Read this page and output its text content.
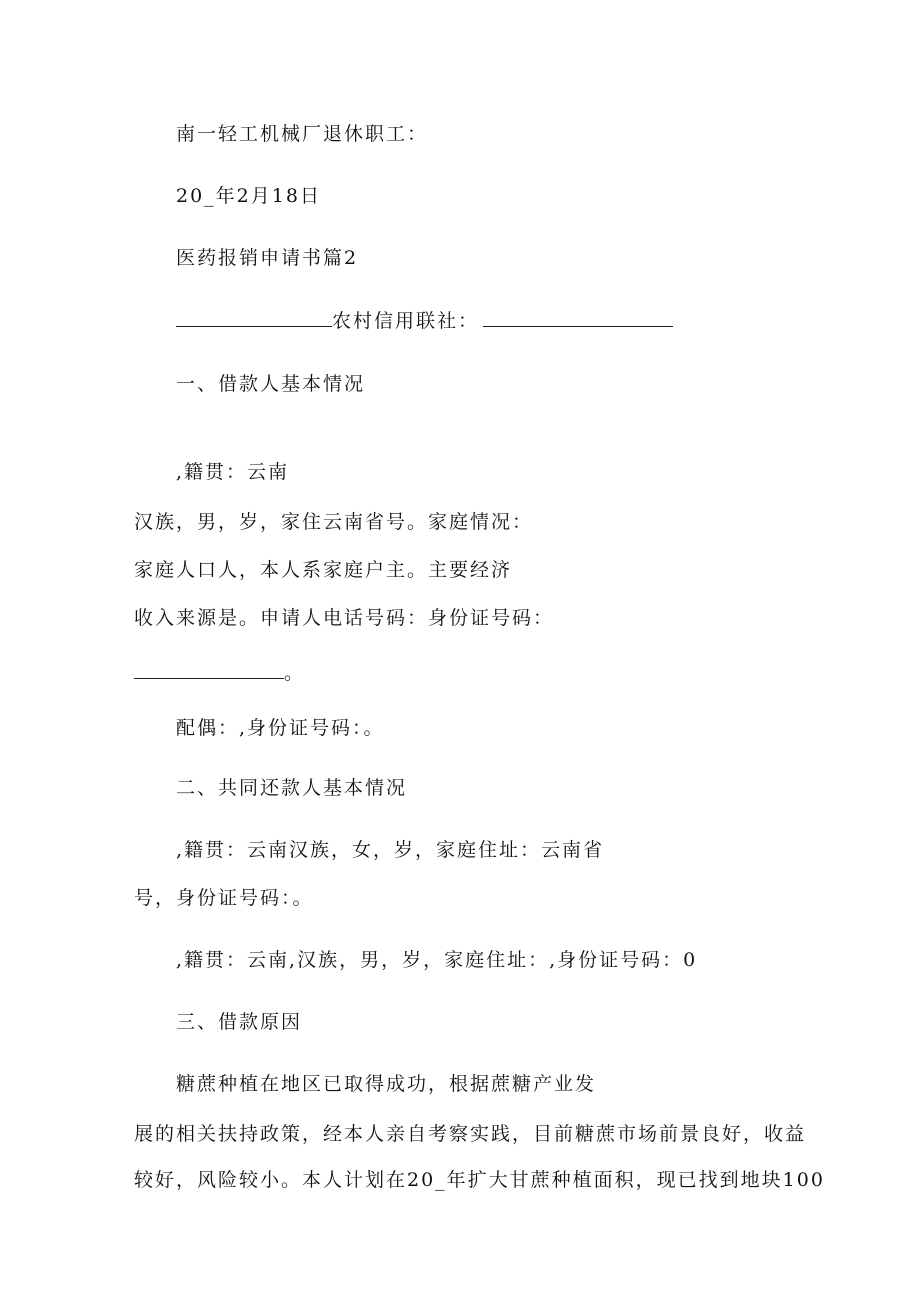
南一轻工机械厂退休职工：
20_年2月18日
医药报销申请书篇2
农村信用联社：
一、借款人基本情况
,籍贯：云南
汉族，男，岁，家住云南省号。家庭情况：
家庭人口人，本人系家庭户主。主要经济
收入来源是。申请人电话号码：身份证号码：
。
配偶：,身份证号码：。
二、共同还款人基本情况
,籍贯：云南汉族，女，岁，家庭住址：云南省
号，身份证号码：。
,籍贯：云南,汉族，男，岁，家庭住址：,身份证号码：0
三、借款原因
糖蔗种植在地区已取得成功，根据蔗糖产业发
展的相关扶持政策，经本人亲自考察实践，目前糖蔗市场前景良好，收益
较好，风险较小。本人计划在20_年扩大甘蔗种植面积，现已找到地块100
